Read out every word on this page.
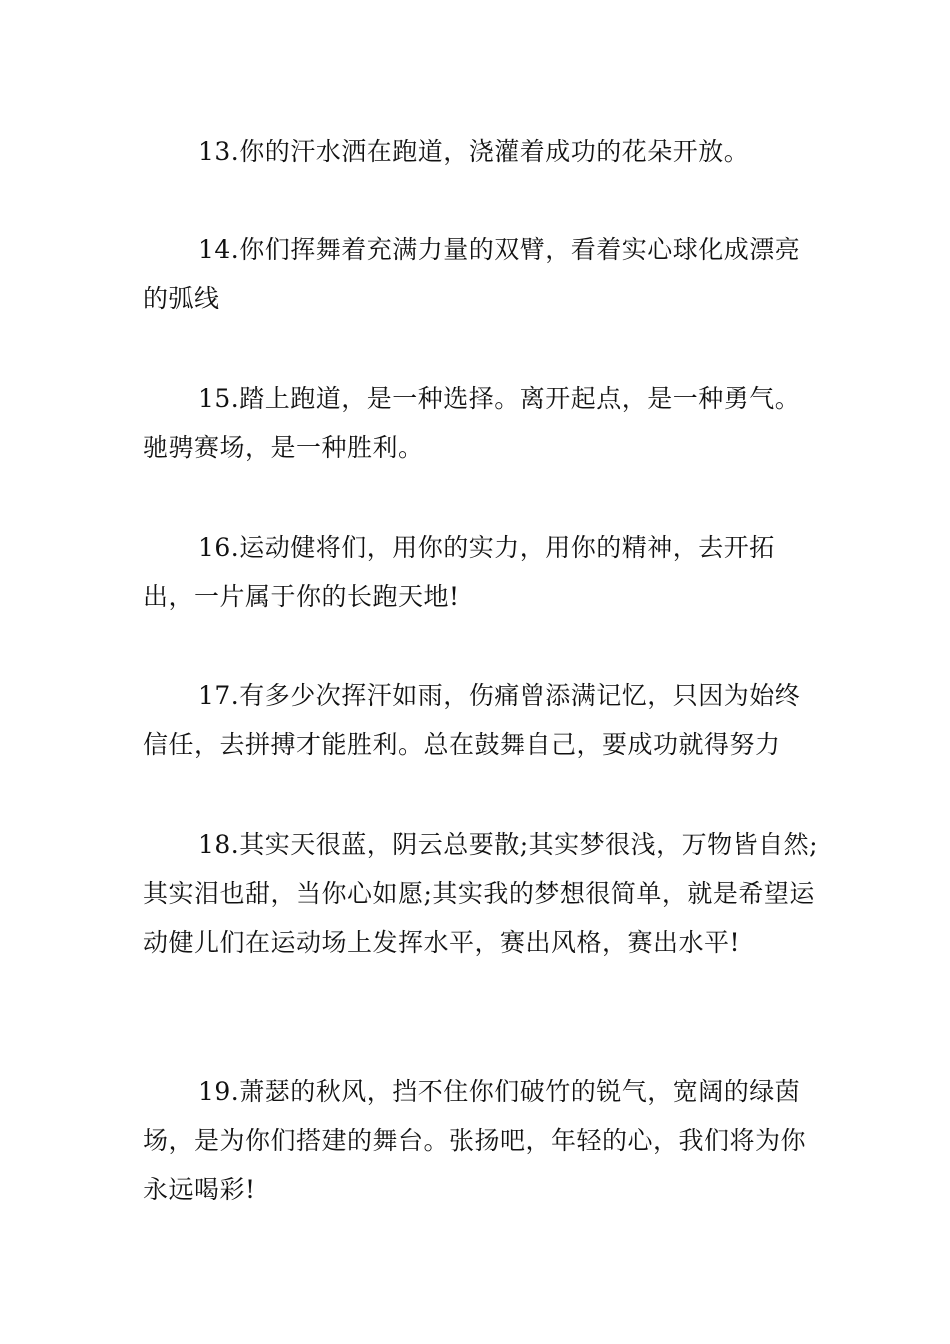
13.你的汗水洒在跑道，浇灌着成功的花朵开放。

14.你们挥舞着充满力量的双臂，看着实心球化成漂亮的弧线

15.踏上跑道，是一种选择。离开起点，是一种勇气。驰骋赛场，是一种胜利。

16.运动健将们，用你的实力，用你的精神，去开拓出，一片属于你的长跑天地!

17.有多少次挥汗如雨，伤痛曾添满记忆，只因为始终信任，去拼搏才能胜利。总在鼓舞自己，要成功就得努力

18.其实天很蓝，阴云总要散;其实梦很浅，万物皆自然;其实泪也甜，当你心如愿;其实我的梦想很简单，就是希望运动健儿们在运动场上发挥水平，赛出风格，赛出水平!

19.萧瑟的秋风，挡不住你们破竹的锐气，宽阔的绿茵场，是为你们搭建的舞台。张扬吧，年轻的心，我们将为你永远喝彩!
